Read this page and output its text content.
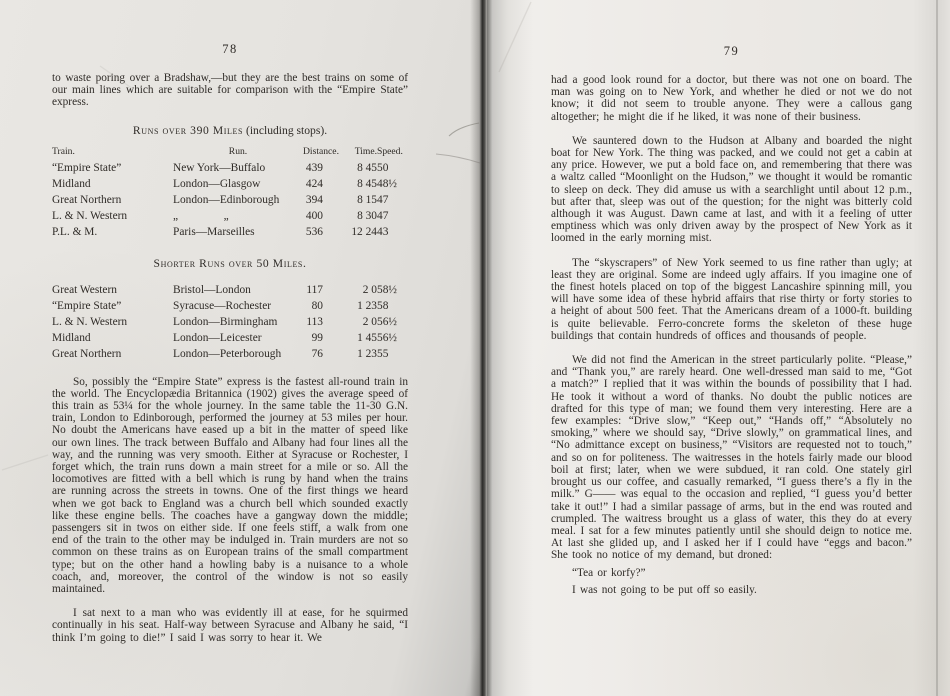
78

to waste poring over a Bradshaw,—but they are the best trains on some of our main lines which are suitable for comparison with the “Empire State” express.

Runs over 390 Miles (including stops).
Train.	Run.	Distance.	Time.	Speed.
“Empire State”	New York—Buffalo	439	8 45	50
Midland	London—Glasgow	424	8 45	48½
Great Northern	London—Edinborough	394	8 15	47
L. & N. Western	„    „	400	8 30	47
P.L. & M.	Paris—Marseilles	536	12 24	43
Shorter Runs over 50 Miles.
Great Western	Bristol—London	117	2 0	58½
“Empire State”	Syracuse—Rochester	80	1 23	58
L. & N. Western	London—Birmingham	113	2 0	56½
Midland	London—Leicester	99	1 45	56½
Great Northern	London—Peterborough	76	1 23	55

So, possibly the “Empire State” express is the fastest all-round train in the world. The Encyclopædia Britannica (1902) gives the average speed of this train as 53¼ for the whole journey. In the same table the 11-30 G.N. train, London to Edinborough, performed the journey at 53 miles per hour. No doubt the Americans have eased up a bit in the matter of speed like our own lines. The track between Buffalo and Albany had four lines all the way, and the running was very smooth. Either at Syracuse or Rochester, I forget which, the train runs down a main street for a mile or so. All the locomotives are fitted with a bell which is rung by hand when the trains are running across the streets in towns. One of the first things we heard when we got back to England was a church bell which sounded exactly like these engine bells. The coaches have a gangway down the middle; passengers sit in twos on either side. If one feels stiff, a walk from one end of the train to the other may be indulged in. Train murders are not so common on these trains as on European trains of the small compartment type; but on the other hand a howling baby is a nuisance to a whole coach, and, moreover, the control of the window is not so easily maintained.

I sat next to a man who was evidently ill at ease, for he squirmed continually in his seat. Half-way between Syracuse and Albany he said, “I think I’m going to die!” I said I was sorry to hear it. We

79

had a good look round for a doctor, but there was not one on board. The man was going on to New York, and whether he died or not we do not know; it did not seem to trouble anyone. They were a callous gang altogether; he might die if he liked, it was none of their business.

We sauntered down to the Hudson at Albany and boarded the night boat for New York. The thing was packed, and we could not get a cabin at any price. However, we put a bold face on, and remembering that there was a waltz called “Moonlight on the Hudson,” we thought it would be romantic to sleep on deck. They did amuse us with a searchlight until about 12 p.m., but after that, sleep was out of the question; for the night was bitterly cold although it was August. Dawn came at last, and with it a feeling of utter emptiness which was only driven away by the prospect of New York as it loomed in the early morning mist.

The “skyscrapers” of New York seemed to us fine rather than ugly; at least they are original. Some are indeed ugly affairs. If you imagine one of the finest hotels placed on top of the biggest Lancashire spinning mill, you will have some idea of these hybrid affairs that rise thirty or forty stories to a height of about 500 feet. That the Americans dream of a 1000-ft. building is quite believable. Ferro-concrete forms the skeleton of these huge buildings that contain hundreds of offices and thousands of people.

We did not find the American in the street particularly polite. “Please,” and “Thank you,” are rarely heard. One well-dressed man said to me, “Got a match?” I replied that it was within the bounds of possibility that I had. He took it without a word of thanks. No doubt the public notices are drafted for this type of man; we found them very interesting. Here are a few examples: “Drive slow,” “Keep out,” “Hands off,” “Absolutely no smoking,” where we should say, “Drive slowly,” on grammatical lines, and “No admittance except on business,” “Visitors are requested not to touch,” and so on for politeness. The waitresses in the hotels fairly made our blood boil at first; later, when we were subdued, it ran cold. One stately girl brought us our coffee, and casually remarked, “I guess there’s a fly in the milk.” G—— was equal to the occasion and replied, “I guess you’d better take it out!” I had a similar passage of arms, but in the end was routed and crumpled. The waitress brought us a glass of water, this they do at every meal. I sat for a few minutes patiently until she should deign to notice me. At last she glided up, and I asked her if I could have “eggs and bacon.” She took no notice of my demand, but droned:

“Tea or korfy?”

I was not going to be put off so easily.
